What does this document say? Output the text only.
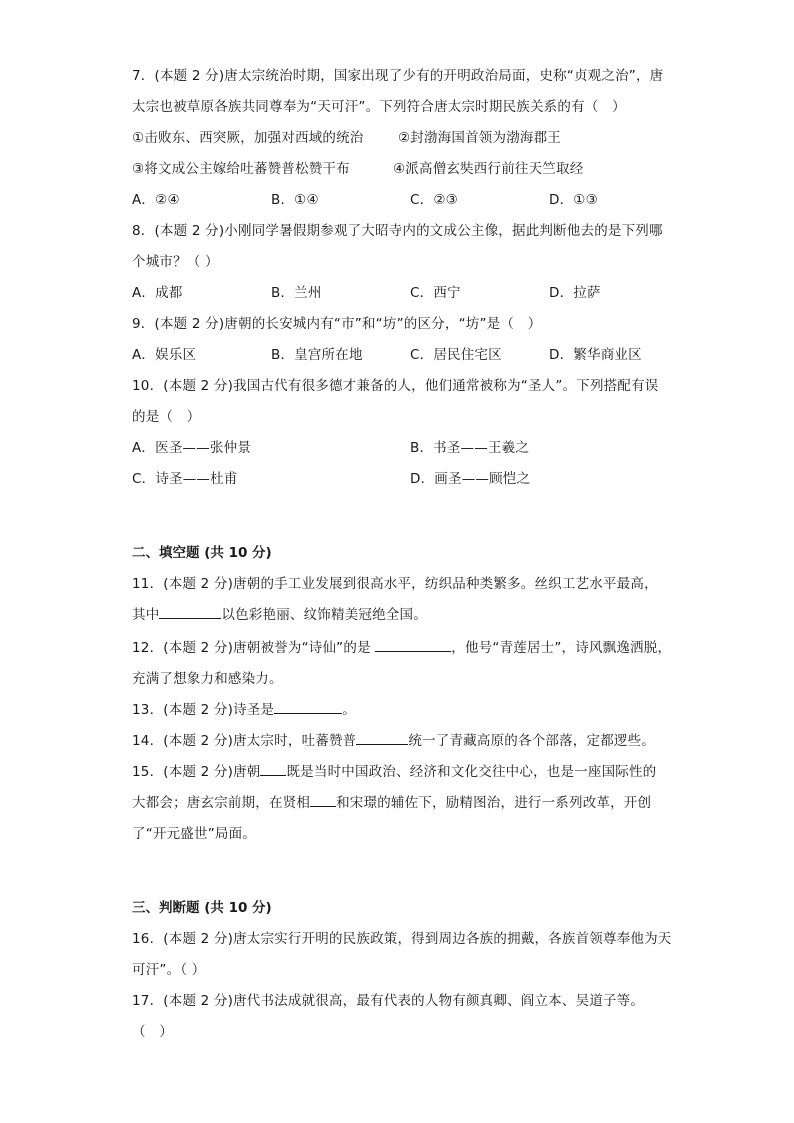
7．(本题 2 分)唐太宗统治时期，国家出现了少有的开明政治局面，史称“贞观之治”，唐
太宗也被草原各族共同尊奉为“天可汗”。下列符合唐太宗时期民族关系的有（　）
①击败东、西突厥，加强对西域的统治	②封渤海国首领为渤海郡王
③将文成公主嫁给吐蕃赞普松赞干布	④派高僧玄奘西行前往天竺取经
A．②④	B．①④	C．②③	D．①③
8．(本题 2 分)小刚同学暑假期参观了大昭寺内的文成公主像，据此判断他去的是下列哪
个城市？（ ）
A．成都	B．兰州	C．西宁	D．拉萨
9．(本题 2 分)唐朝的长安城内有“市”和“坊”的区分，“坊”是（　）
A．娱乐区	B．皇宫所在地	C．居民住宅区	D．繁华商业区
10．(本题 2 分)我国古代有很多德才兼备的人，他们通常被称为“圣人”。下列搭配有误
的是（　）
A．医圣——张仲景	B．书圣——王羲之
C．诗圣——杜甫	D．画圣——顾恺之
二、填空题 (共 10 分)
11．(本题 2 分)唐朝的手工业发展到很高水平，纺织品种类繁多。丝织工艺水平最高，
其中	以色彩艳丽、纹饰精美冠绝全国。
12．(本题 2 分)唐朝被誉为“诗仙”的是	，他号“青莲居士”，诗风飘逸洒脱，
充满了想象力和感染力。
13．(本题 2 分)诗圣是	。
14．(本题 2 分)唐太宗时，吐蕃赞普	统一了青藏高原的各个部落，定都逻些。
15．(本题 2 分)唐朝 既是当时中国政治、经济和文化交往中心，也是一座国际性的
大都会；唐玄宗前期，在贤相 和宋璟的辅佐下，励精图治，进行一系列改革，开创
了“开元盛世”局面。
三、判断题 (共 10 分)
16．(本题 2 分)唐太宗实行开明的民族政策，得到周边各族的拥戴，各族首领尊奉他为天
可汗”。（ ）
17．(本题 2 分)唐代书法成就很高，最有代表的人物有颜真卿、阎立本、吴道子等。
（　）
